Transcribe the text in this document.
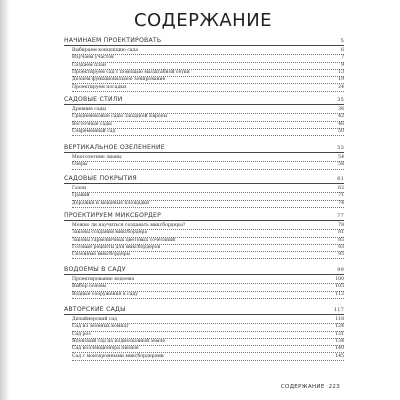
СОДЕРЖАНИЕ
НАЧИНАЕМ ПРОЕКТИРОВАТЬ	5
Выбираем концепцию сада	6
Изучаем участок	7
Создаем план	9
Проектируем сад с помощью масштабной сетки	13
Делаем функциональное зонирование	19
Проектируем посадки	24
САДОВЫЕ СТИЛИ	35
Древние сады	36
Средневековые сады Западной Европы	42
Восточные сады	46
Современный сад	50
ВЕРТИКАЛЬНОЕ ОЗЕЛЕНЕНИЕ	53
Многолетние лианы	54
Озеры	58
САДОВЫЕ ПОКРЫТИЯ	61
Газон	62
Гравий	71
Дорожки и мощеные площадки	74
ПРОЕКТИРУЕМ МИКСБОРДЕР	77
Можно ли научиться создавать миксбордеры?	78
Законы создания миксбордера	81
Законы гармоничных цветовых сочетаний	85
Готовые рецепты для миксбордеров	93
Сезонные миксбордеры	95
ВОДОЕМЫ В САДУ	99
Проектирование водоема	100
Выбор основы	105
Водные сооружения в саду	112
АВТОРСКИЕ САДЫ	117
Дизайнерский сад	118
Сад из зеленых комнат	124
Сад роз	131
Японский сад на подмосковной земле	134
Сад коллекционера пионов	140
Сад с монохромными миксбордерами	145
СОДЕРЖАНИЕ 223
